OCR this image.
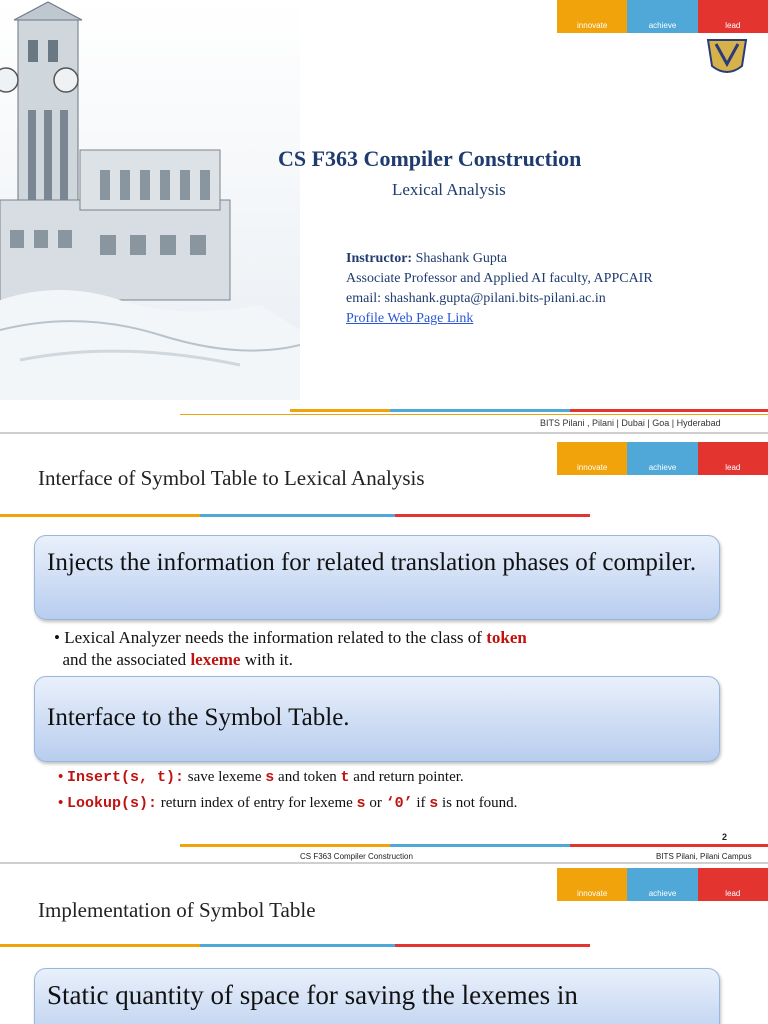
innovate	achieve	lead
CS F363 Compiler Construction
Lexical Analysis
Instructor: Shashank Gupta
Associate Professor and Applied AI faculty, APPCAIR
email: shashank.gupta@pilani.bits-pilani.ac.in
Profile Web Page Link
BITS Pilani , Pilani | Dubai | Goa | Hyderabad
innovate	achieve	lead
Interface of Symbol Table to Lexical Analysis
Injects the information for related translation phases of compiler.
• Lexical Analyzer needs the information related to the class of token
and the associated lexeme with it.
Interface to the Symbol Table.
• Insert(s, t): save lexeme s and token t and return pointer.
• Lookup(s): return index of entry for lexeme s or ‘0’ if s is not found.
2
CS F363 Compiler Construction	BITS Pilani, Pilani Campus
innovate	achieve	lead
Implementation of Symbol Table
Static quantity of space for saving the lexemes in
